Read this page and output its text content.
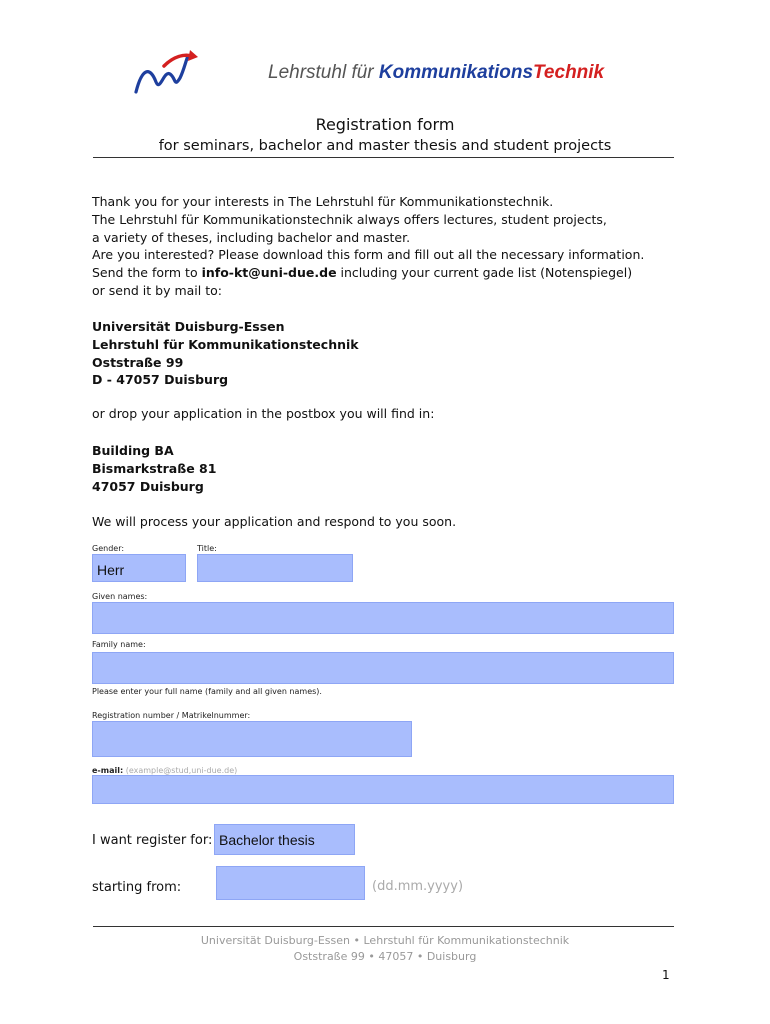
Lehrstuhl für KommunikationsTechnik
Registration form
for seminars, bachelor and master thesis and student projects

Thank you for your interests in The Lehrstuhl für Kommunikationstechnik.

The Lehrstuhl für Kommunikationstechnik always offers lectures, student projects,

a variety of theses, including bachelor and master.

Are you interested? Please download this form and fill out all the necessary information.

Send the form to info-kt@uni-due.de including your current gade list (Notenspiegel)

or send it by mail to:

Universität Duisburg-Essen
Lehrstuhl für Kommunikationstechnik
Oststraße 99
D - 47057 Duisburg
or drop your application in the postbox you will find in:
Building BA
Bismarkstraße 81
47057 Duisburg
We will process your application and respond to you soon.
Gender:	Title:
Herr
Given names:
Family name:
Please enter your full name (family and all given names).
Registration number / Matrikelnummer:
e-mail: (example@stud,uni-due.de)
I want register for: Bachelor thesis
starting from:	(dd.mm.yyyy)
Universität Duisburg-Essen • Lehrstuhl für Kommunikationstechnik
Oststraße 99 • 47057 • Duisburg
1
